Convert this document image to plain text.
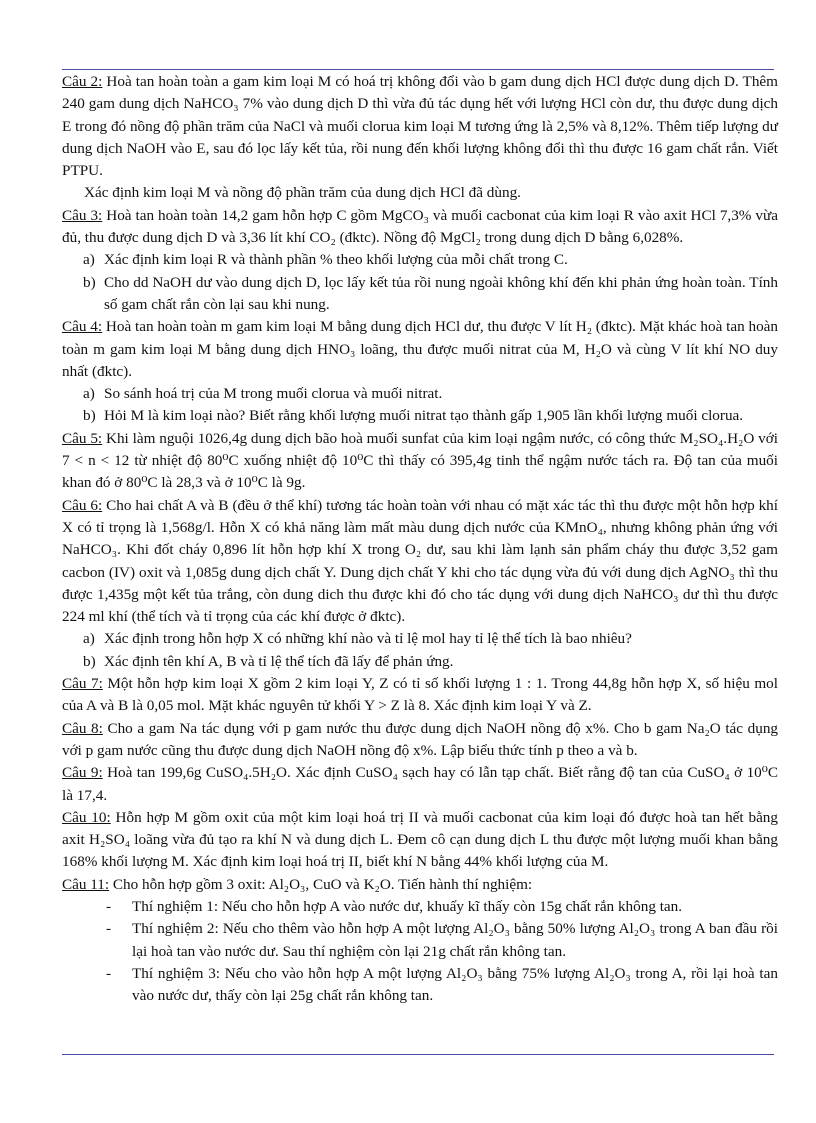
Câu 2: Hoà tan hoàn toàn a gam kim loại M có hoá trị không đổi vào b gam dung dịch HCl được dung dịch D. Thêm 240 gam dung dịch NaHCO₃ 7% vào dung dịch D thì vừa đủ tác dụng hết với lượng HCl còn dư, thu được dung dịch E trong đó nồng độ phần trăm của NaCl và muối clorua kim loại M tương ứng là 2,5% và 8,12%. Thêm tiếp lượng dư dung dịch NaOH vào E, sau đó lọc lấy kết tủa, rồi nung đến khối lượng không đổi thì thu được 16 gam chất rắn. Viết PTPU.

Xác định kim loại M và nồng độ phần trăm của dung dịch HCl đã dùng.

Câu 3: Hoà tan hoàn toàn 14,2 gam hỗn hợp C gồm MgCO₃ và muối cacbonat của kim loại R vào axit HCl 7,3% vừa đủ, thu được dung dịch D và 3,36 lít khí CO₂ (đktc). Nồng độ MgCl₂ trong dung dịch D bằng 6,028%.

a) Xác định kim loại R và thành phần % theo khối lượng của mỗi chất trong C.

b) Cho dd NaOH dư vào dung dịch D, lọc lấy kết tủa rồi nung ngoài không khí đến khi phản ứng hoàn toàn. Tính số gam chất rắn còn lại sau khi nung.

Câu 4: Hoà tan hoàn toàn m gam kim loại M bằng dung dịch HCl dư, thu được V lít H₂ (đktc). Mặt khác hoà tan hoàn toàn m gam kim loại M bằng dung dịch HNO₃ loãng, thu được muối nitrat của M, H₂O và cùng V lít khí NO duy nhất (đktc).

a) So sánh hoá trị của M trong muối clorua và muối nitrat.

b) Hỏi M là kim loại nào? Biết rằng khối lượng muối nitrat tạo thành gấp 1,905 lần khối lượng muối clorua.

Câu 5: Khi làm nguội 1026,4g dung dịch bão hoà muối sunfat của kim loại ngậm nước, có công thức M₂SO₄.H₂O với 7 < n < 12 từ nhiệt độ 80⁰C xuống nhiệt độ 10⁰C thì thấy có 395,4g tinh thể ngậm nước tách ra. Độ tan của muối khan đó ở 80⁰C là 28,3 và ở 10⁰C là 9g.

Câu 6: Cho hai chất A và B (đều ở thể khí) tương tác hoàn toàn với nhau có mặt xác tác thì thu được một hỗn hợp khí X có tỉ trọng là 1,568g/l. Hỗn X có khả năng làm mất màu dung dịch nước của KMnO₄, nhưng không phản ứng với NaHCO₃. Khi đốt cháy 0,896 lít hỗn hợp khí X trong O₂ dư, sau khi làm lạnh sản phẩm cháy thu được 3,52 gam cacbon (IV) oxit và 1,085g dung dịch chất Y. Dung dịch chất Y khi cho tác dụng vừa đủ với dung dịch AgNO₃ thì thu được 1,435g một kết tủa trắng, còn dung dich thu được khi đó cho tác dụng với dung dịch NaHCO₃ dư thì thu được 224 ml khí (thể tích và tỉ trọng của các khí được ở đktc).

a) Xác định trong hỗn hợp X có những khí nào và tỉ lệ mol hay tỉ lệ thể tích là bao nhiêu?

b) Xác định tên khí A, B và tỉ lệ thể tích đã lấy để phản ứng.

Câu 7: Một hỗn hợp kim loại X gồm 2 kim loại Y, Z có tỉ số khối lượng 1 : 1. Trong 44,8g hỗn hợp X, số hiệu mol của A và B là 0,05 mol. Mặt khác nguyên tử khối Y > Z là 8. Xác định kim loại Y và Z.

Câu 8: Cho a gam Na tác dụng với p gam nước thu được dung dịch NaOH nồng độ x%. Cho b gam Na₂O tác dụng với p gam nước cũng thu được dung dịch NaOH nồng độ x%. Lập biểu thức tính p theo a và b.

Câu 9: Hoà tan 199,6g CuSO₄.5H₂O. Xác định CuSO₄ sạch hay có lẫn tạp chất. Biết rằng độ tan của CuSO₄ ở 10⁰C là 17,4.

Câu 10: Hỗn hợp M gồm oxit của một kim loại hoá trị II và muối cacbonat của kim loại đó được hoà tan hết bằng axit H₂SO₄ loãng vừa đủ tạo ra khí N và dung dịch L. Đem cô cạn dung dịch L thu được một lượng muối khan bằng 168% khối lượng M. Xác định kim loại hoá trị II, biết khí N bằng 44% khối lượng của M.

Câu 11: Cho hỗn hợp gồm 3 oxit: Al₂O₃, CuO và K₂O. Tiến hành thí nghiệm:

- Thí nghiệm 1: Nếu cho hỗn hợp A vào nước dư, khuấy kĩ thấy còn 15g chất rắn không tan.

- Thí nghiệm 2: Nếu cho thêm vào hỗn hợp A một lượng Al₂O₃ bằng 50% lượng Al₂O₃ trong A ban đầu rồi lại hoà tan vào nước dư. Sau thí nghiệm còn lại 21g chất rắn không tan.

- Thí nghiệm 3: Nếu cho vào hỗn hợp A một lượng Al₂O₃ bằng 75% lượng Al₂O₃ trong A, rồi lại hoà tan vào nước dư, thấy còn lại 25g chất rắn không tan.
